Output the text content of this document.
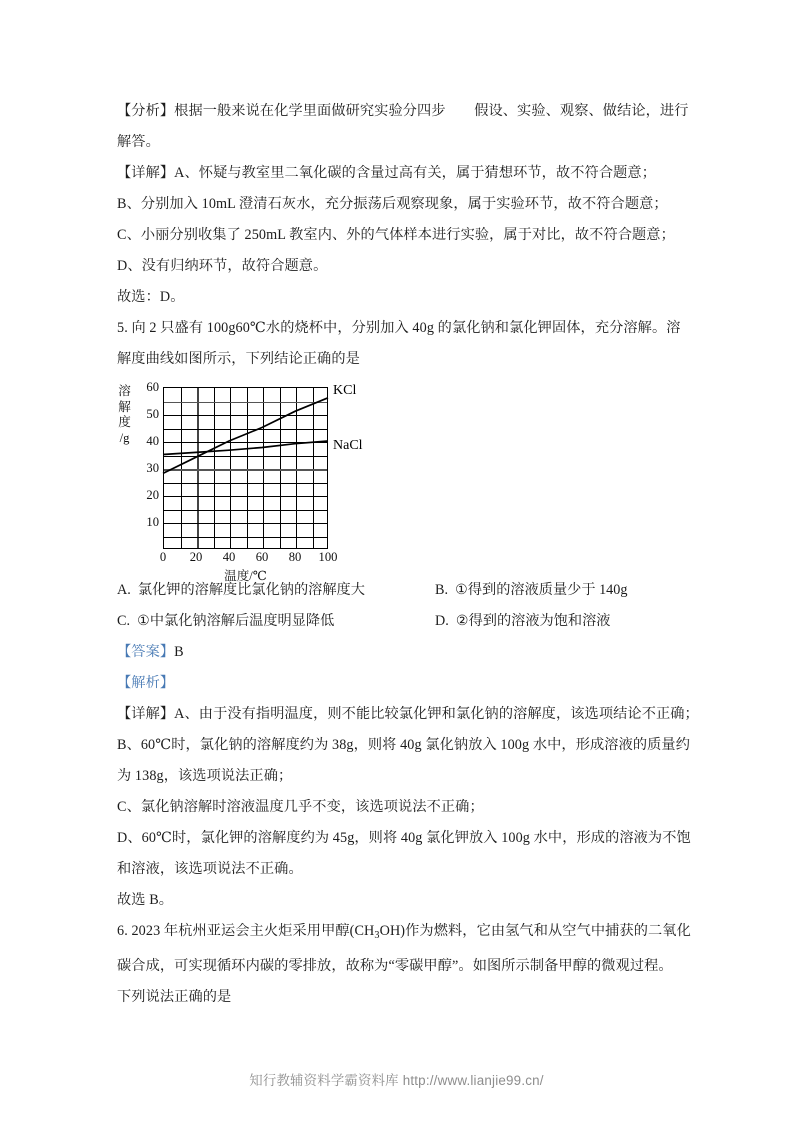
【分析】根据一般来说在化学里面做研究实验分四步　　假设、实验、观察、做结论，进行
解答。
【详解】A、怀疑与教室里二氧化碳的含量过高有关，属于猜想环节，故不符合题意；
B、分别加入 10mL 澄清石灰水，充分振荡后观察现象，属于实验环节，故不符合题意；
C、小丽分别收集了 250mL 教室内、外的气体样本进行实验，属于对比，故不符合题意；
D、没有归纳环节，故符合题意。
故选：D。
5. 向 2 只盛有 100g60℃水的烧杯中，分别加入 40g 的氯化钠和氯化钾固体，充分溶解。溶
解度曲线如图所示，下列结论正确的是
溶
解
度
/g
60
50
40
30
20
10
0 20 40 60 80 100
温度/℃
KCl
NaCl
A. 氯化钾的溶解度比氯化钠的溶解度大	B. ①得到的溶液质量少于 140g
C. ①中氯化钠溶解后温度明显降低	D. ②得到的溶液为饱和溶液
【答案】B
【解析】
【详解】A、由于没有指明温度，则不能比较氯化钾和氯化钠的溶解度，该选项结论不正确；
B、60℃时，氯化钠的溶解度约为 38g，则将 40g 氯化钠放入 100g 水中，形成溶液的质量约
为 138g，该选项说法正确；
C、氯化钠溶解时溶液温度几乎不变，该选项说法不正确；
D、60℃时，氯化钾的溶解度约为 45g，则将 40g 氯化钾放入 100g 水中，形成的溶液为不饱
和溶液，该选项说法不正确。
故选 B。
6. 2023 年杭州亚运会主火炬采用甲醇$(CH_3OH)$作为燃料，它由氢气和从空气中捕获的二氧化
碳合成，可实现循环内碳的零排放，故称为“零碳甲醇”。如图所示制备甲醇的微观过程。
下列说法正确的是
知行教辅资料学霸资料库 http://www.lianjie99.cn/
